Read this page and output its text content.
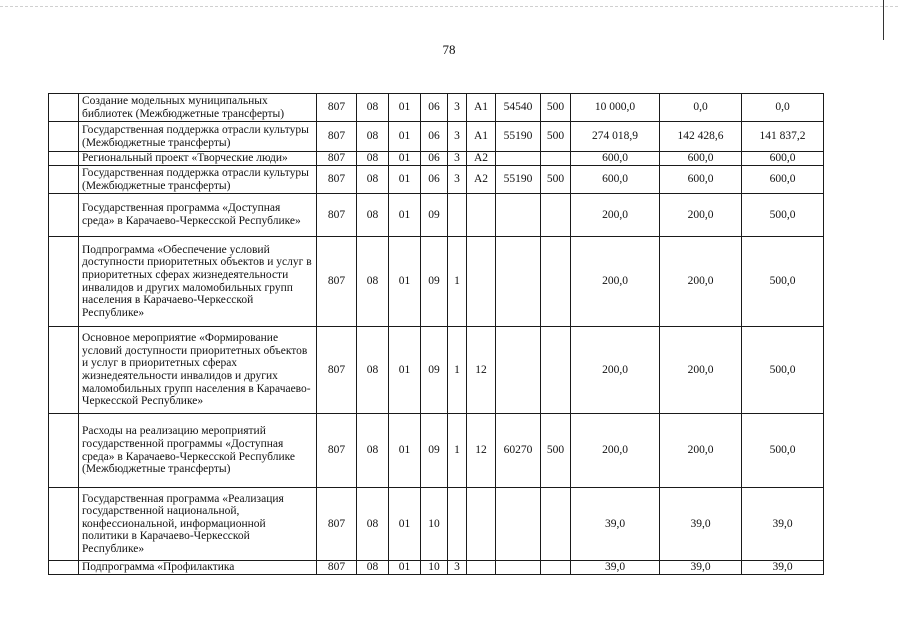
78
	Создание модельных муниципальных библиотек (Межбюджетные трансферты)	807	08	01	06	3	А1	54540	500	10 000,0	0,0	0,0
	Государственная поддержка отрасли культуры (Межбюджетные трансферты)	807	08	01	06	3	А1	55190	500	274 018,9	142 428,6	141 837,2
	Региональный проект «Творческие люди»	807	08	01	06	3	А2			600,0	600,0	600,0
	Государственная поддержка отрасли культуры (Межбюджетные трансферты)	807	08	01	06	3	А2	55190	500	600,0	600,0	600,0
	Государственная программа «Доступная среда» в Карачаево-Черкесской Республике»	807	08	01	09					200,0	200,0	500,0
	Подпрограмма «Обеспечение условий доступности приоритетных объектов и услуг в приоритетных сферах жизнедеятельности инвалидов и других маломобильных групп населения в Карачаево-Черкесской Республике»	807	08	01	09	1				200,0	200,0	500,0
	Основное мероприятие «Формирование условий доступности приоритетных объектов и услуг в приоритетных сферах жизнедеятельности инвалидов и других маломобильных групп населения в Карачаево-Черкесской Республике»	807	08	01	09	1	12			200,0	200,0	500,0
	Расходы на реализацию мероприятий государственной программы «Доступная среда» в Карачаево-Черкесской Республике (Межбюджетные трансферты)	807	08	01	09	1	12	60270	500	200,0	200,0	500,0
	Государственная программа «Реализация государственной национальной, конфессиональной, информационной политики в Карачаево-Черкесской Республике»	807	08	01	10					39,0	39,0	39,0
	Подпрограмма «Профилактика	807	08	01	10	3				39,0	39,0	39,0
